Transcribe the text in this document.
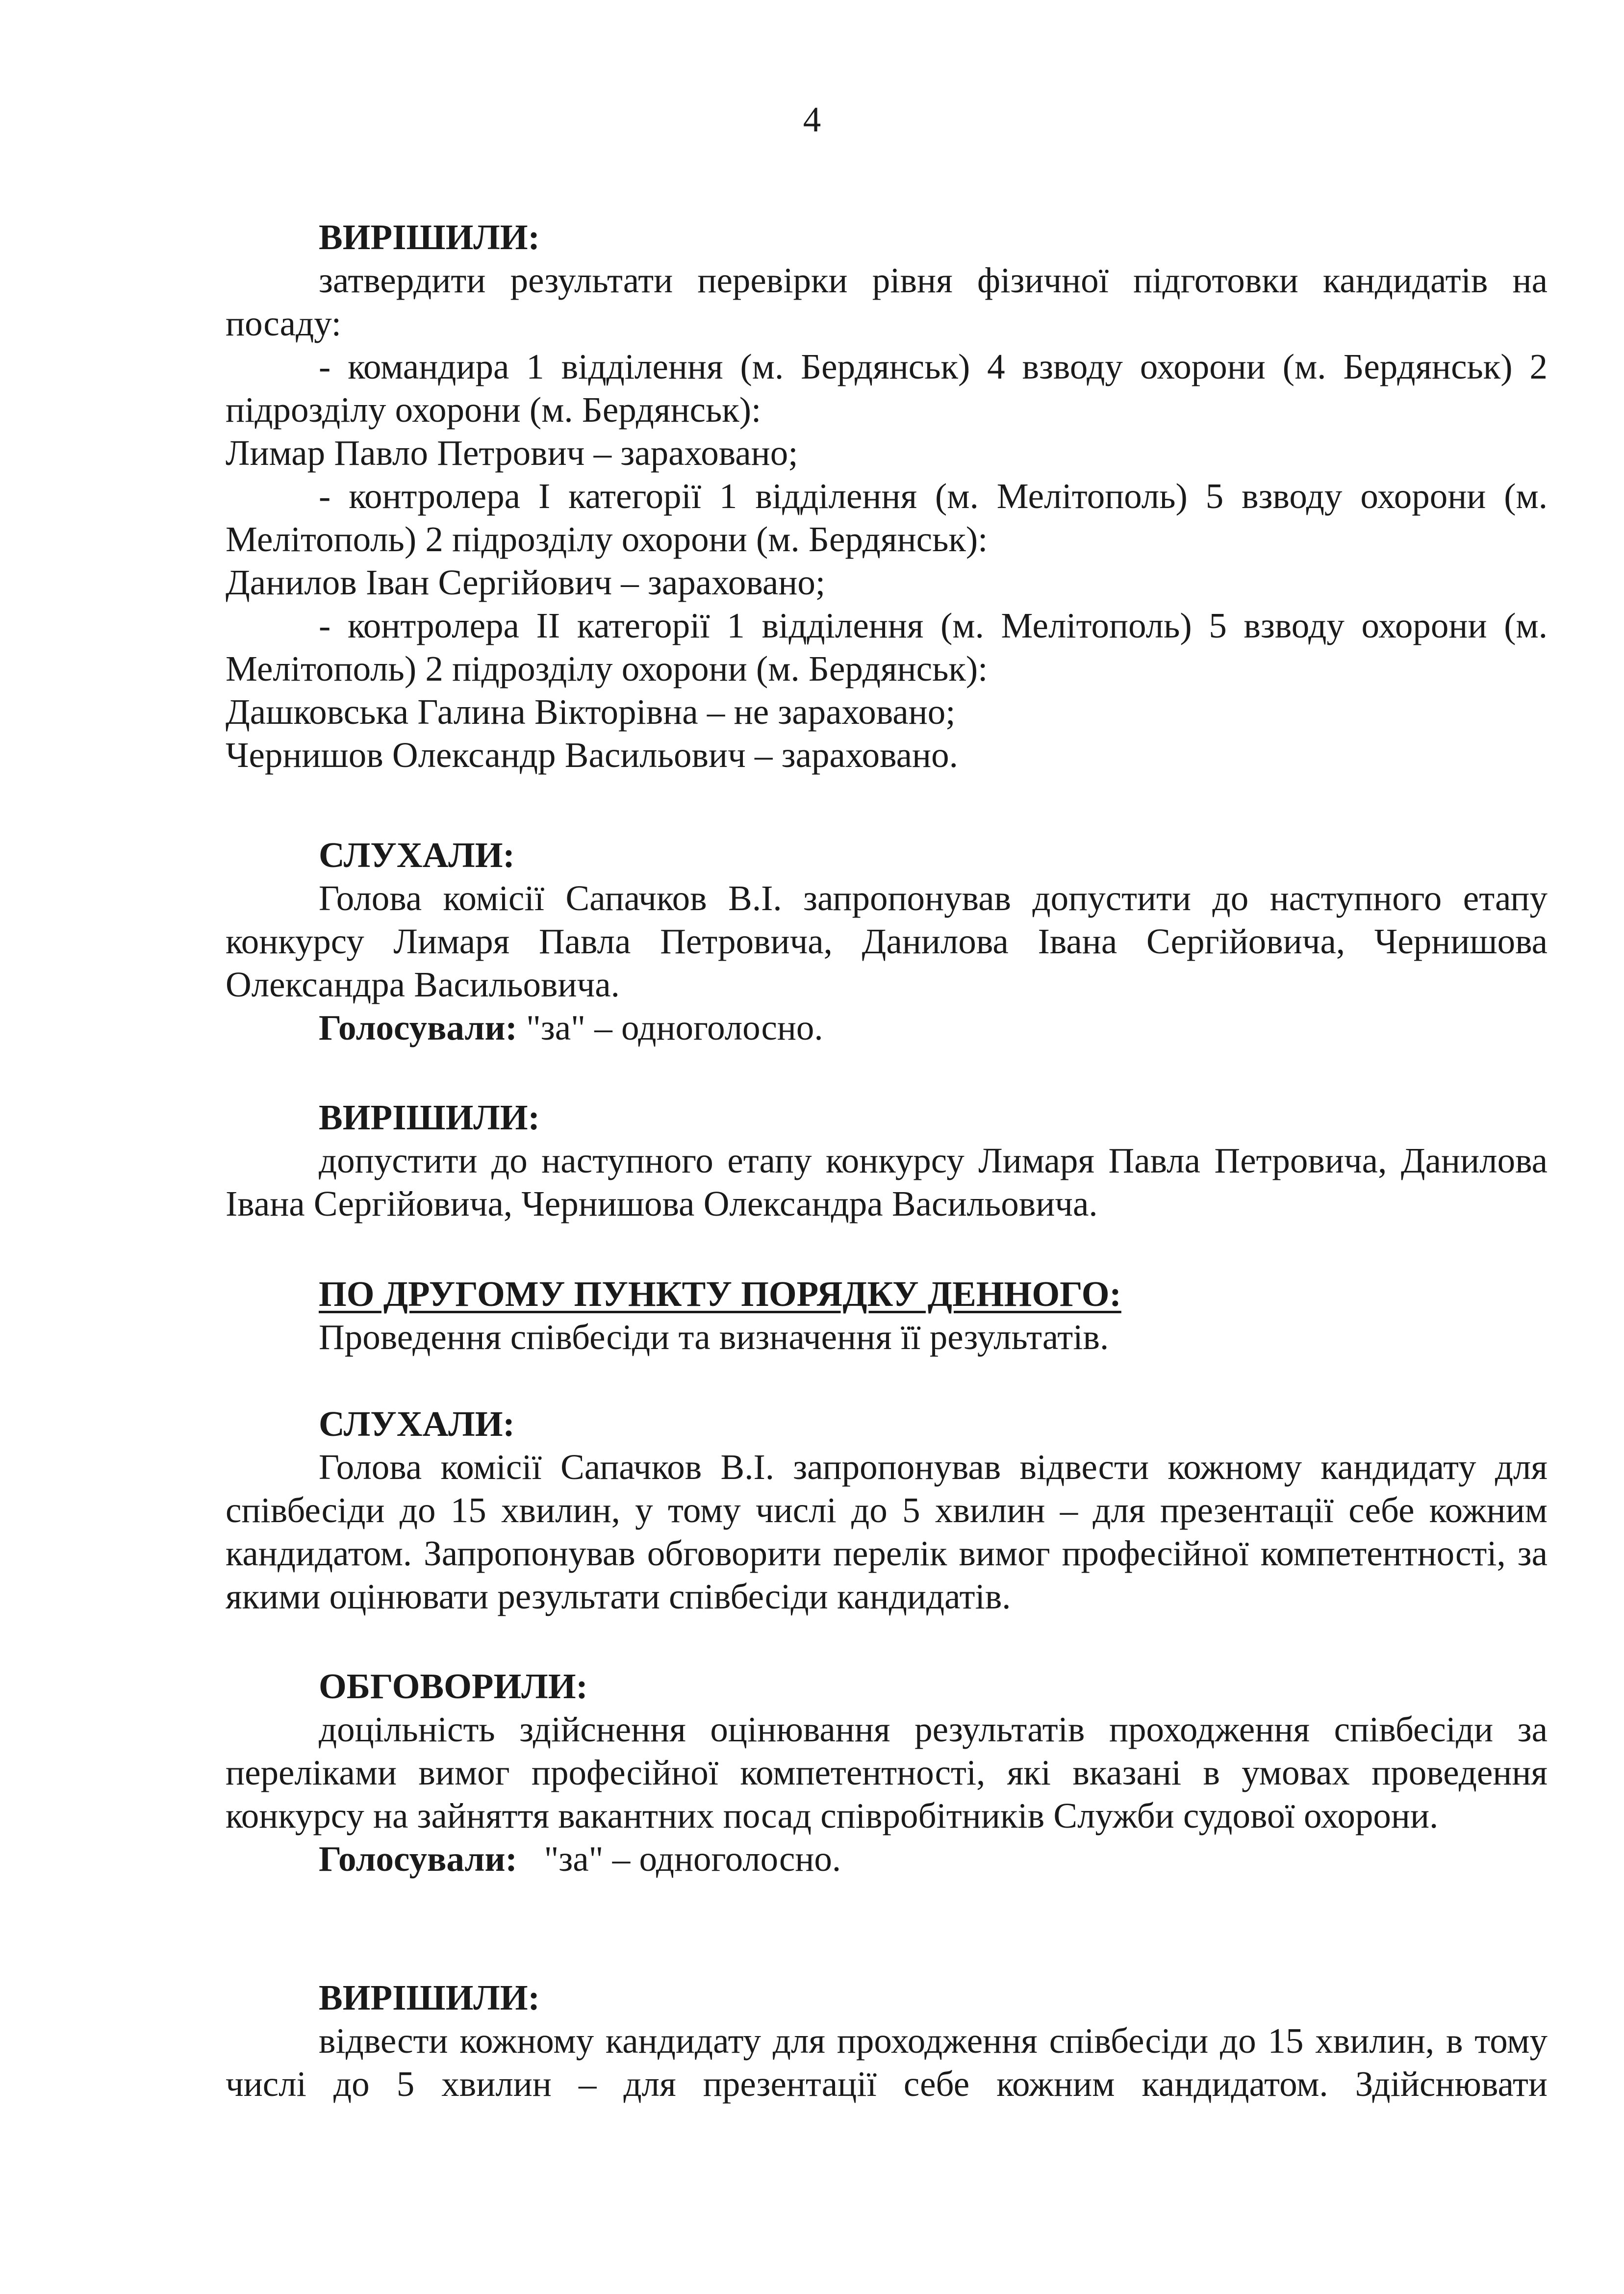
4

ВИРІШИЛИ:

затвердити результати перевірки рівня фізичної підготовки кандидатів на посаду:

- командира 1 відділення (м. Бердянськ) 4 взводу охорони (м. Бердянськ) 2 підрозділу охорони (м. Бердянськ):

Лимар Павло Петрович – зараховано;

- контролера I категорії 1 відділення (м. Мелітополь) 5 взводу охорони (м. Мелітополь) 2 підрозділу охорони (м. Бердянськ):

Данилов Іван Сергійович – зараховано;

- контролера II категорії 1 відділення (м. Мелітополь) 5 взводу охорони (м. Мелітополь) 2 підрозділу охорони (м. Бердянськ):

Дашковська Галина Вікторівна – не зараховано;

Чернишов Олександр Васильович – зараховано.

СЛУХАЛИ:

Голова комісії Сапачков В.І. запропонував допустити до наступного етапу конкурсу Лимаря Павла Петровича, Данилова Івана Сергійовича, Чернишова Олександра Васильовича.

Голосували: "за" – одноголосно.

ВИРІШИЛИ:

допустити до наступного етапу конкурсу Лимаря Павла Петровича, Данилова Івана Сергійовича, Чернишова Олександра Васильовича.

ПО ДРУГОМУ ПУНКТУ ПОРЯДКУ ДЕННОГО:

Проведення співбесіди та визначення її результатів.

СЛУХАЛИ:

Голова комісії Сапачков В.І. запропонував відвести кожному кандидату для співбесіди до 15 хвилин, у тому числі до 5 хвилин – для презентації себе кожним кандидатом. Запропонував обговорити перелік вимог професійної компетентності, за якими оцінювати результати співбесіди кандидатів.

ОБГОВОРИЛИ:

доцільність здійснення оцінювання результатів проходження співбесіди за переліками вимог професійної компетентності, які вказані в умовах проведення конкурсу на зайняття вакантних посад співробітників Служби судової охорони.

Голосували:   "за" – одноголосно.

ВИРІШИЛИ:

відвести кожному кандидату для проходження співбесіди до 15 хвилин, в тому числі до 5 хвилин – для презентації себе кожним кандидатом. Здійснювати
